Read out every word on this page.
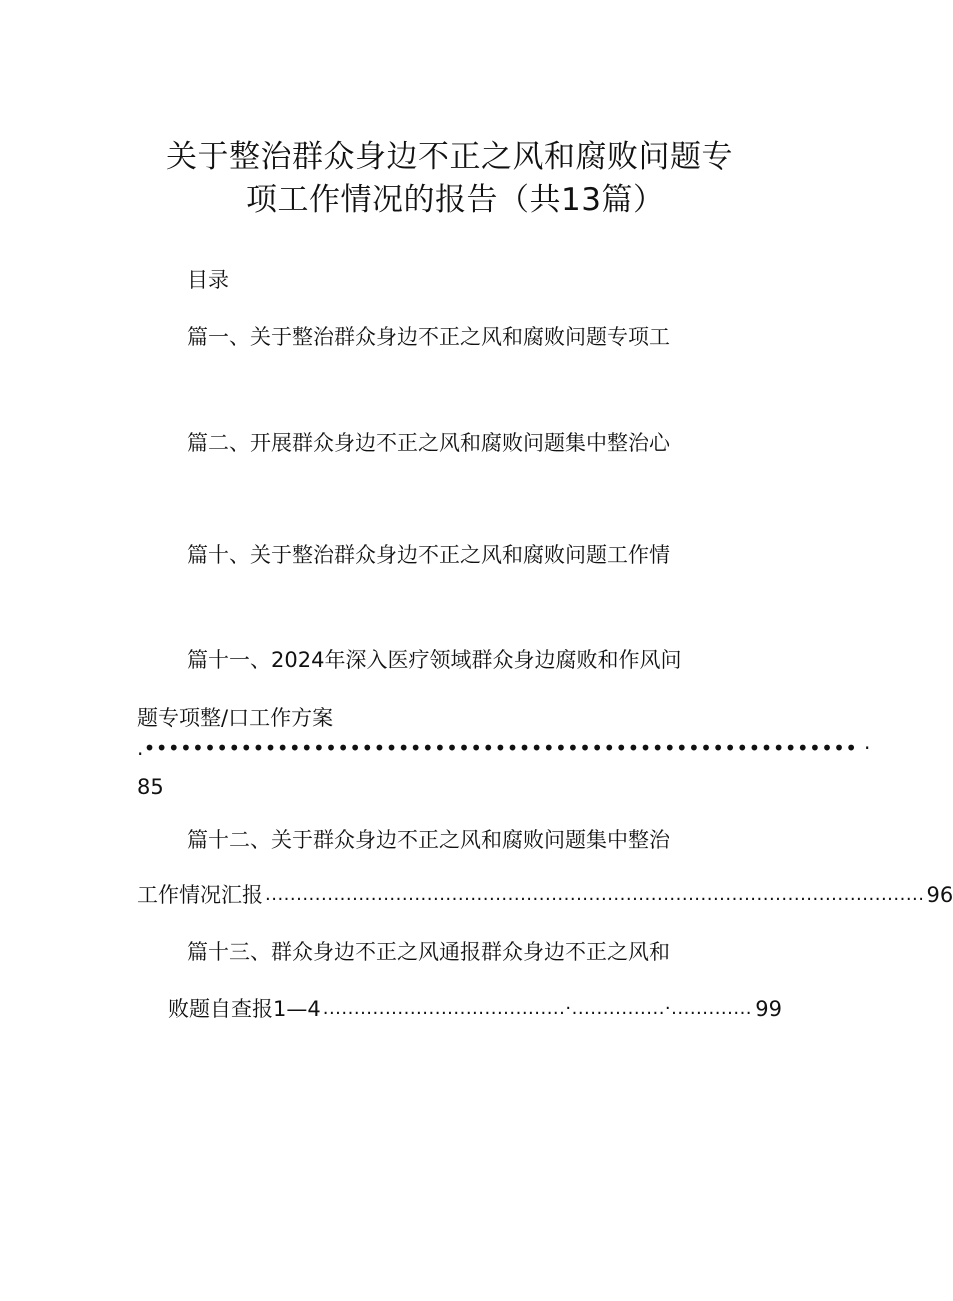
关于整治群众身边不正之风和腐败问题专
项工作情况的报告（共13篇）
目录
篇一、关于整治群众身边不正之风和腐败问题专项工
篇二、开展群众身边不正之风和腐败问题集中整治心
篇十、关于整治群众身边不正之风和腐败问题工作情
篇十一、2024年深入医疗领域群众身边腐败和作风问
题专项整/口工作方案
.••••••••••••••••••••••••••••••••••••••••••••••••••••••••••• ·
85
篇十二、关于群众身边不正之风和腐败问题集中整治
工作情况汇报 .......................................................................................................... 96
篇十三、群众身边不正之风通报群众身边不正之风和
败题自查报1—4 .......................................·...............·............. 99
